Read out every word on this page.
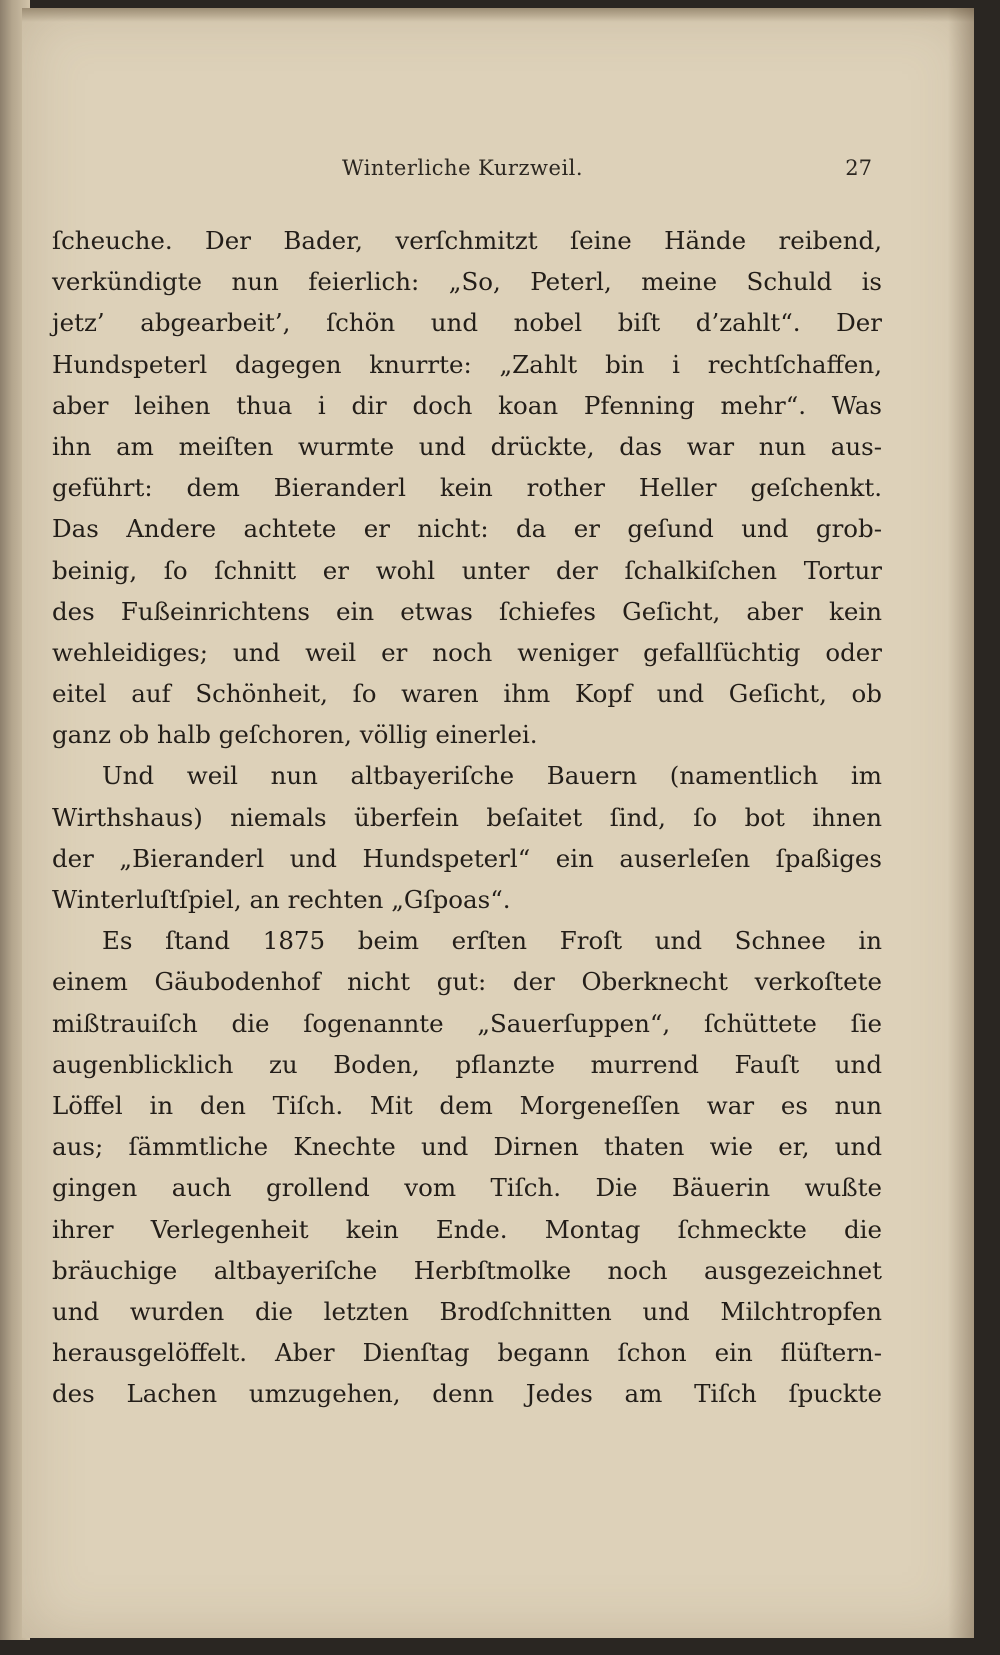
Winterliche Kurzweil.	27
ſcheuche. Der Bader, verſchmitzt ſeine Hände reibend,
verkündigte nun feierlich: „So, Peterl, meine Schuld is
jetz’ abgearbeit’, ſchön und nobel biſt d’zahlt“. Der
Hundspeterl dagegen knurrte: „Zahlt bin i rechtſchaffen,
aber leihen thua i dir doch koan Pfenning mehr“. Was
ihn am meiſten wurmte und drückte, das war nun aus-
geführt: dem Bieranderl kein rother Heller geſchenkt.
Das Andere achtete er nicht: da er geſund und grob-
beinig, ſo ſchnitt er wohl unter der ſchalkiſchen Tortur
des Fußeinrichtens ein etwas ſchiefes Geſicht, aber kein
wehleidiges; und weil er noch weniger gefallſüchtig oder
eitel auf Schönheit, ſo waren ihm Kopf und Geſicht, ob
ganz ob halb geſchoren, völlig einerlei.
Und weil nun altbayeriſche Bauern (namentlich im
Wirthshaus) niemals überfein beſaitet ſind, ſo bot ihnen
der „Bieranderl und Hundspeterl“ ein auserleſen ſpaßiges
Winterluſtſpiel, an rechten „Gſpoas“.
Es ſtand 1875 beim erſten Froſt und Schnee in
einem Gäubodenhof nicht gut: der Oberknecht verkoſtete
mißtrauiſch die ſogenannte „Sauerſuppen“, ſchüttete ſie
augenblicklich zu Boden, pflanzte murrend Fauſt und
Löffel in den Tiſch. Mit dem Morgeneſſen war es nun
aus; ſämmtliche Knechte und Dirnen thaten wie er, und
gingen auch grollend vom Tiſch. Die Bäuerin wußte
ihrer Verlegenheit kein Ende. Montag ſchmeckte die
bräuchige altbayeriſche Herbſtmolke noch ausgezeichnet
und wurden die letzten Brodſchnitten und Milchtropfen
herausgelöffelt. Aber Dienſtag begann ſchon ein flüſtern-
des Lachen umzugehen, denn Jedes am Tiſch ſpuckte
